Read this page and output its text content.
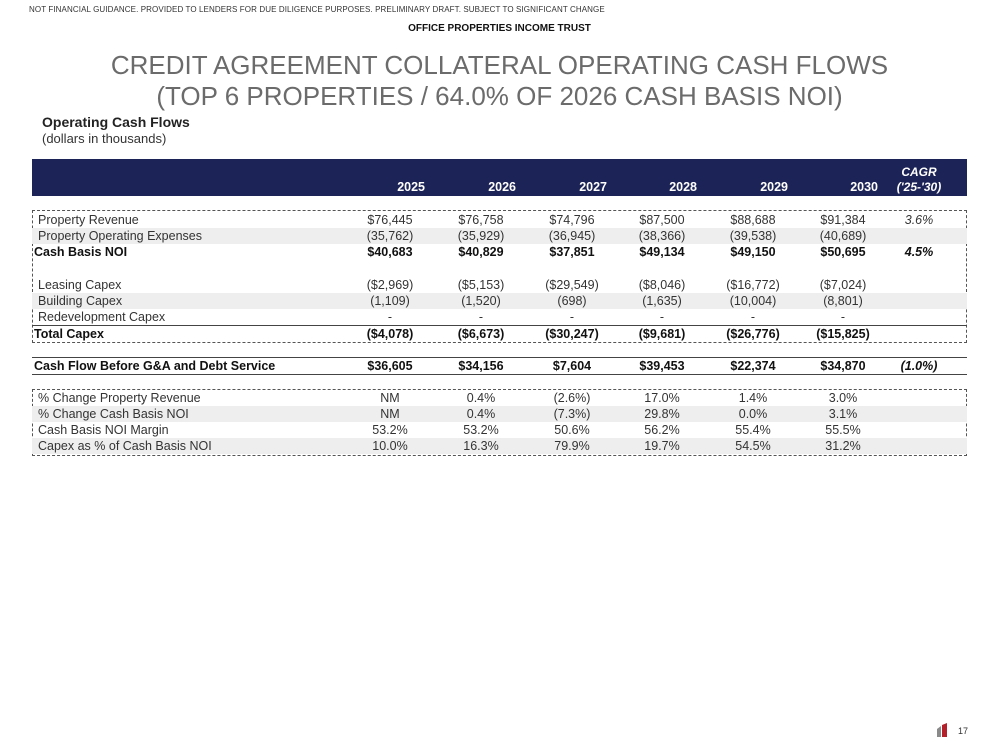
NOT FINANCIAL GUIDANCE. PROVIDED TO LENDERS FOR DUE DILIGENCE PURPOSES. PRELIMINARY DRAFT. SUBJECT TO SIGNIFICANT CHANGE
OFFICE PROPERTIES INCOME TRUST
CREDIT AGREEMENT COLLATERAL OPERATING CASH FLOWS
(TOP 6 PROPERTIES / 64.0% OF 2026 CASH BASIS NOI)
Operating Cash Flows
(dollars in thousands)
2025	2026	2027	2028	2029	2030
CAGR
('25-'30)
Property Revenue	$76,445	$76,758	$74,796	$87,500	$88,688	$91,384	3.6%
Property Operating Expenses	(35,762)	(35,929)	(36,945)	(38,366)	(39,538)	(40,689)
Cash Basis NOI	$40,683	$40,829	$37,851	$49,134	$49,150	$50,695	4.5%
Leasing Capex	($2,969)	($5,153)	($29,549)	($8,046)	($16,772)	($7,024)
Building Capex	(1,109)	(1,520)	(698)	(1,635)	(10,004)	(8,801)
Redevelopment Capex	-	-	-	-	-	-
Total Capex	($4,078)	($6,673)	($30,247)	($9,681)	($26,776)	($15,825)
Cash Flow Before G&A and Debt Service	$36,605	$34,156	$7,604	$39,453	$22,374	$34,870	(1.0%)
% Change Property Revenue	NM	0.4%	(2.6%)	17.0%	1.4%	3.0%
% Change Cash Basis NOI	NM	0.4%	(7.3%)	29.8%	0.0%	3.1%
Cash Basis NOI Margin	53.2%	53.2%	50.6%	56.2%	55.4%	55.5%
Capex as % of Cash Basis NOI	10.0%	16.3%	79.9%	19.7%	54.5%	31.2%
17
